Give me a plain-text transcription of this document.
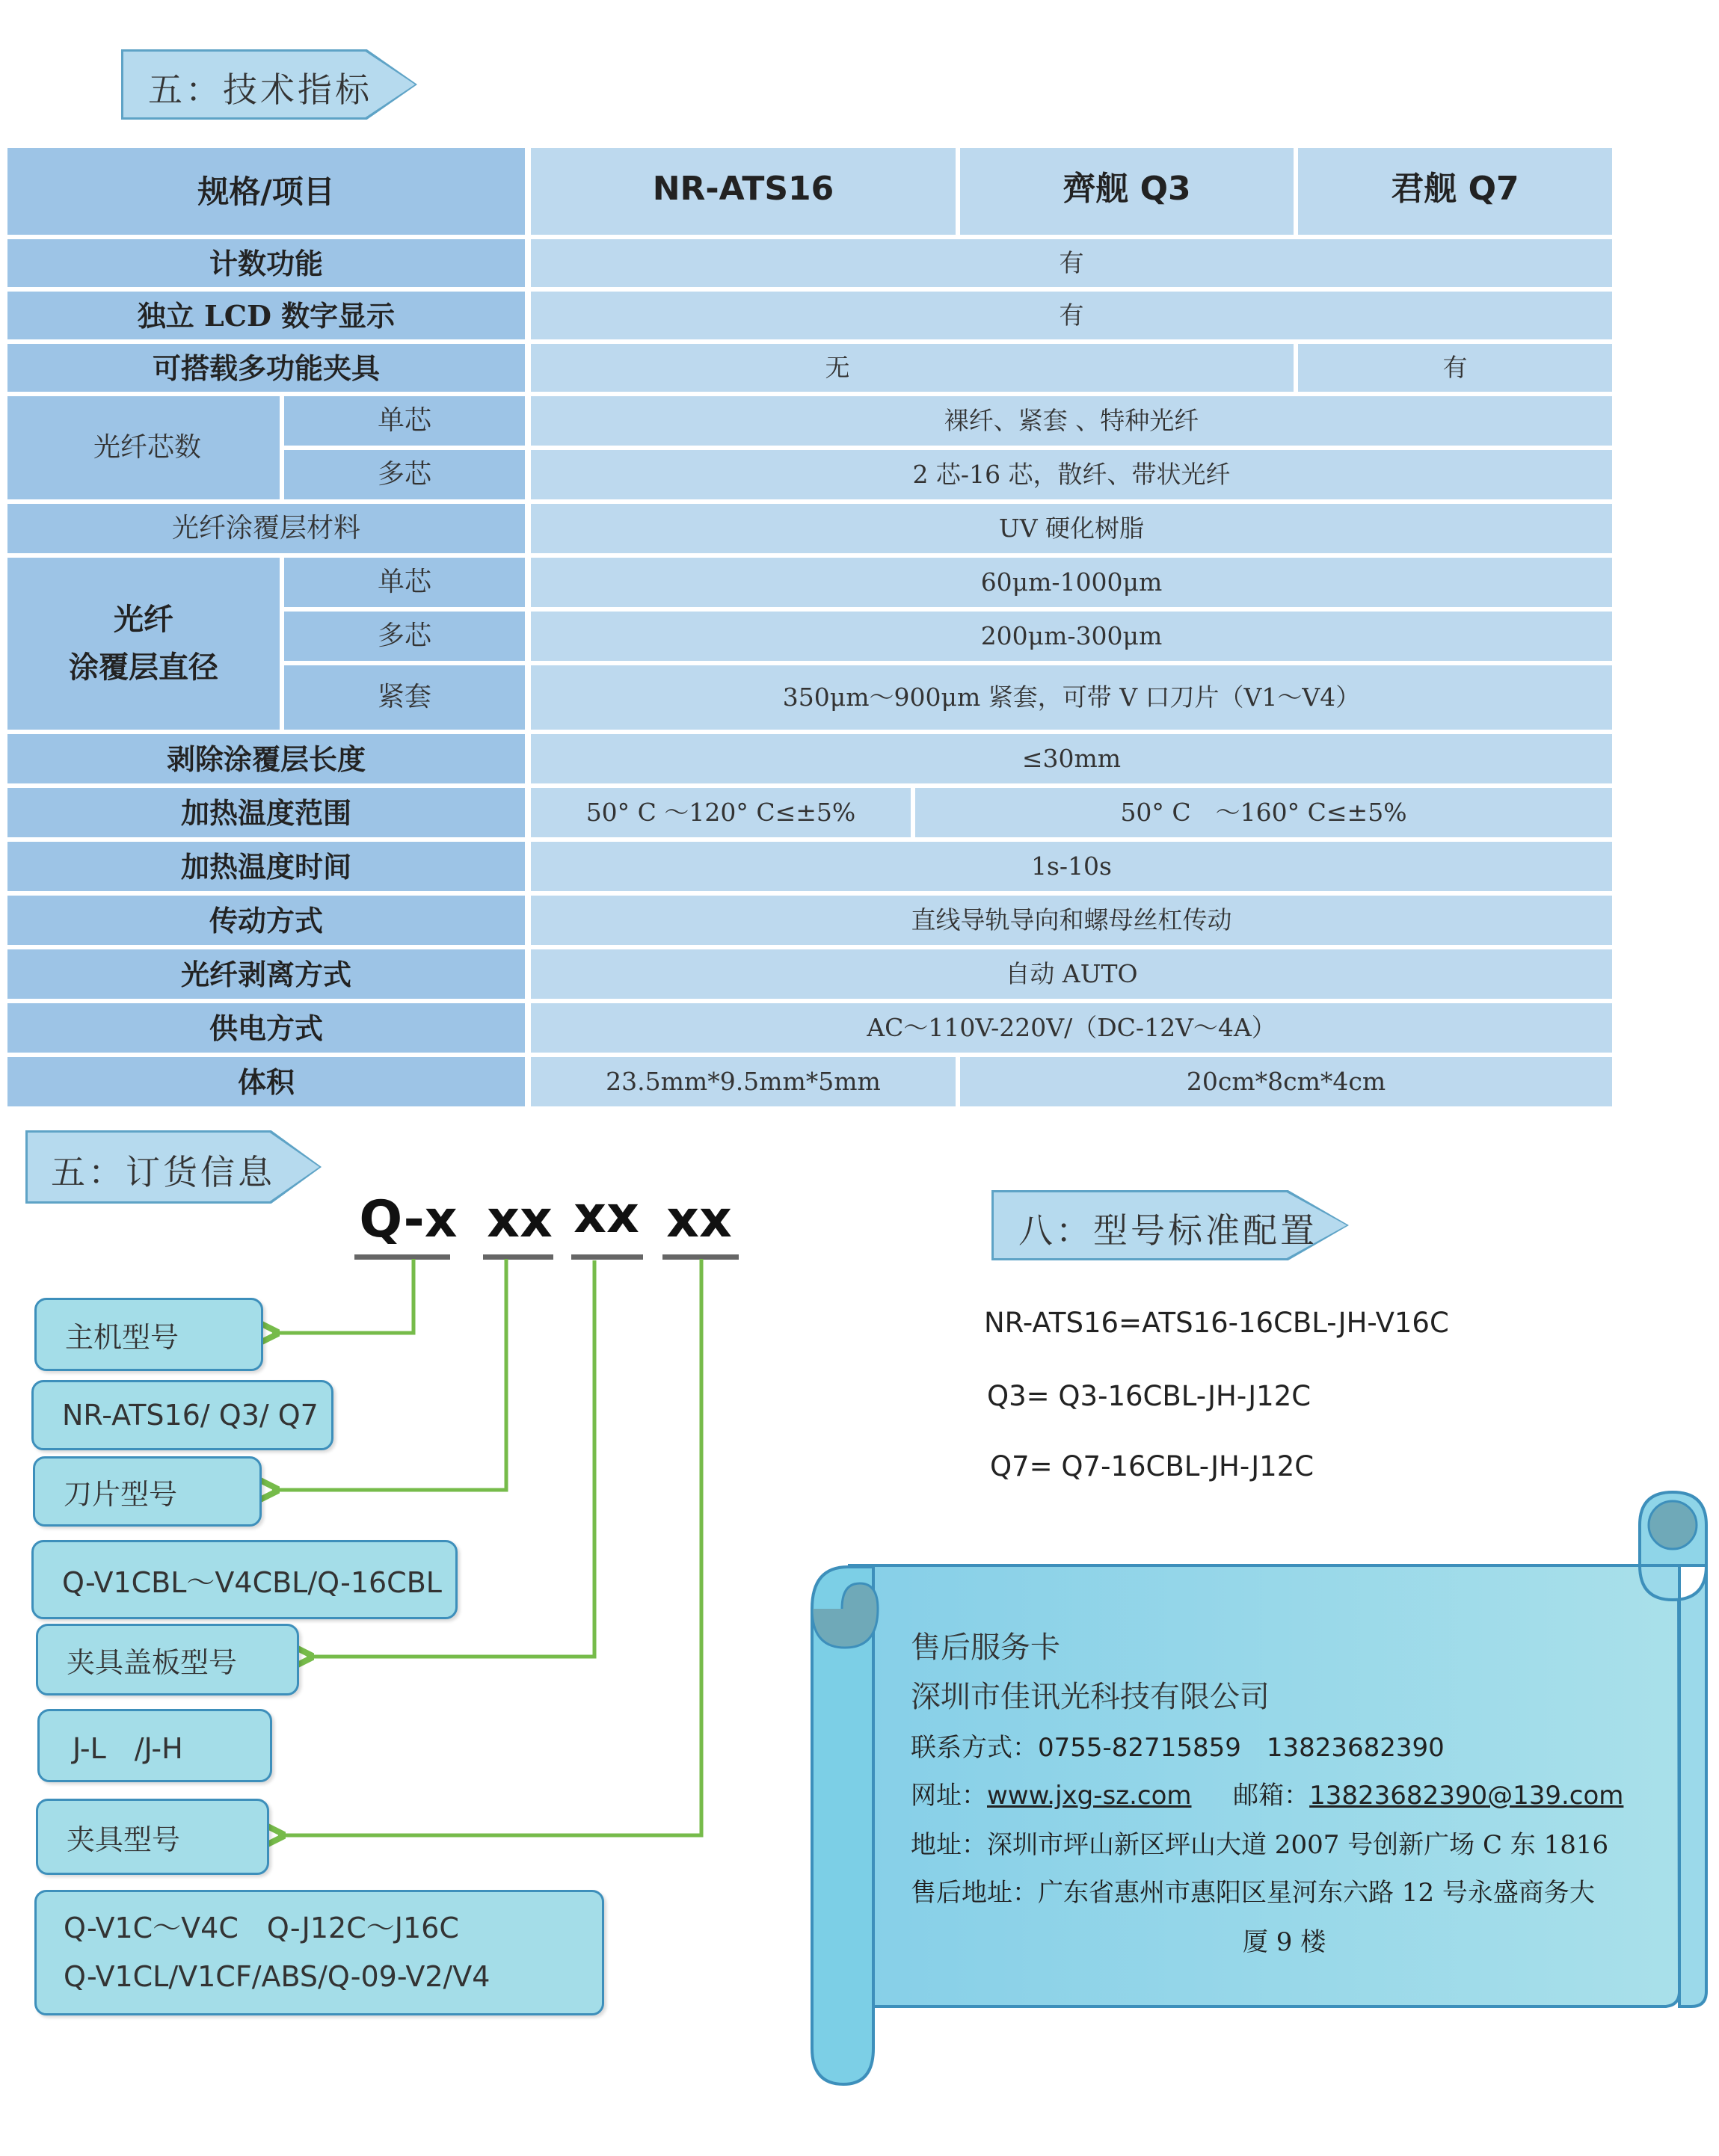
五：技术指标
规格/项目	NR-ATS16	齊舰 Q3	君舰 Q7
计数功能	有
独立 LCD 数字显示	有
可搭载多功能夹具	无	有
光纤芯数
单芯	裸纤、紧套 、特种光纤
多芯	2 芯-16 芯，散纤、带状光纤
光纤涂覆层材料	UV 硬化树脂
光纤
涂覆层直径
单芯	60μm-1000μm
多芯	200μm-300μm
紧套	350μm～900μm 紧套，可带 V 口刀片（V1～V4）
剥除涂覆层长度	≤30mm
加热温度范围	50° C ～120° C≤±5%	50° C　～160° C≤±5%
加热温度时间	1s-10s
传动方式	直线导轨导向和螺母丝杠传动
光纤剥离方式	自动 AUTO
供电方式	AC～110V-220V/（DC-12V～4A）
体积	23.5mm*9.5mm*5mm	20cm*8cm*4cm
五：订货信息
Q-x xx xx xx
主机型号
NR-ATS16/ Q3/ Q7
刀片型号
Q-V1CBL～V4CBL/Q-16CBL
夹具盖板型号
J-L　/J-H
夹具型号
Q-V1C～V4C　Q-J12C～J16C
Q-V1CL/V1CF/ABS/Q-09-V2/V4
八：型号标准配置
NR-ATS16=ATS16-16CBL-JH-V16C
Q3= Q3-16CBL-JH-J12C
Q7= Q7-16CBL-JH-J12C
售后服务卡
深圳市佳讯光科技有限公司
联系方式：0755-82715859　13823682390
网址：www.jxg-sz.com 邮箱：13823682390@139.com
地址：深圳市坪山新区坪山大道 2007 号创新广场 C 东 1816
售后地址：广东省惠州市惠阳区星河东六路 12 号永盛商务大
厦 9 楼
